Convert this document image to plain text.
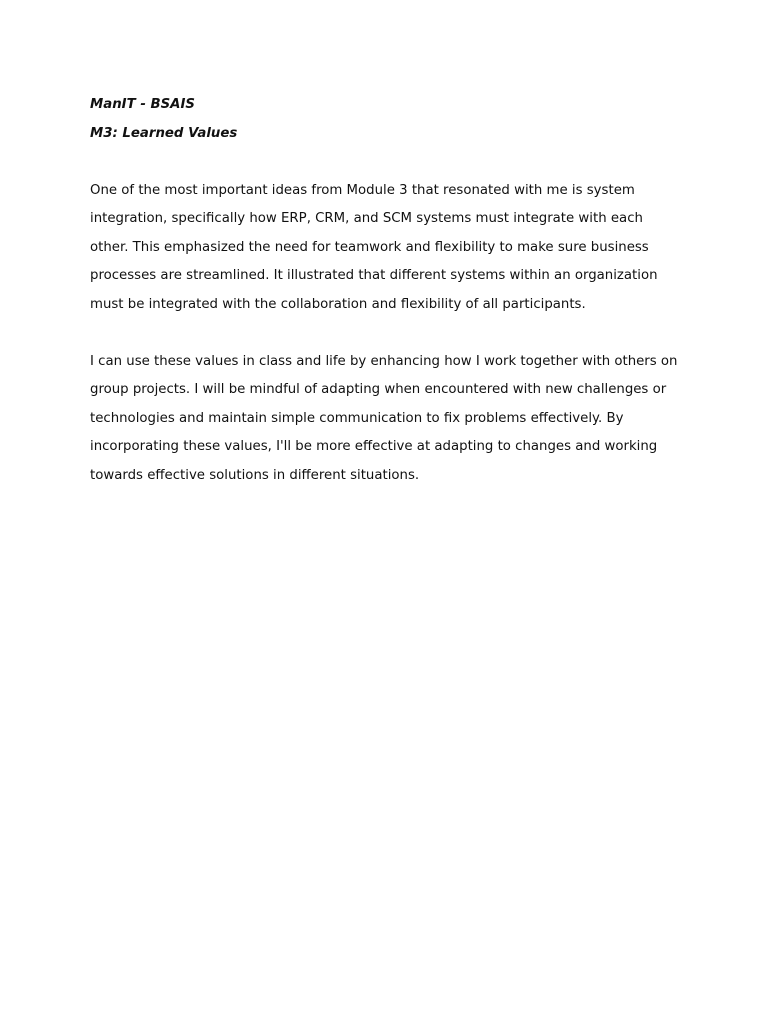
ManIT - BSAIS

M3: Learned Values

One of the most important ideas from Module 3 that resonated with me is system integration, specifically how ERP, CRM, and SCM systems must integrate with each other. This emphasized the need for teamwork and flexibility to make sure business processes are streamlined. It illustrated that different systems within an organization must be integrated with the collaboration and flexibility of all participants.

I can use these values in class and life by enhancing how I work together with others on group projects. I will be mindful of adapting when encountered with new challenges or technologies and maintain simple communication to fix problems effectively. By incorporating these values, I'll be more effective at adapting to changes and working towards effective solutions in different situations.
